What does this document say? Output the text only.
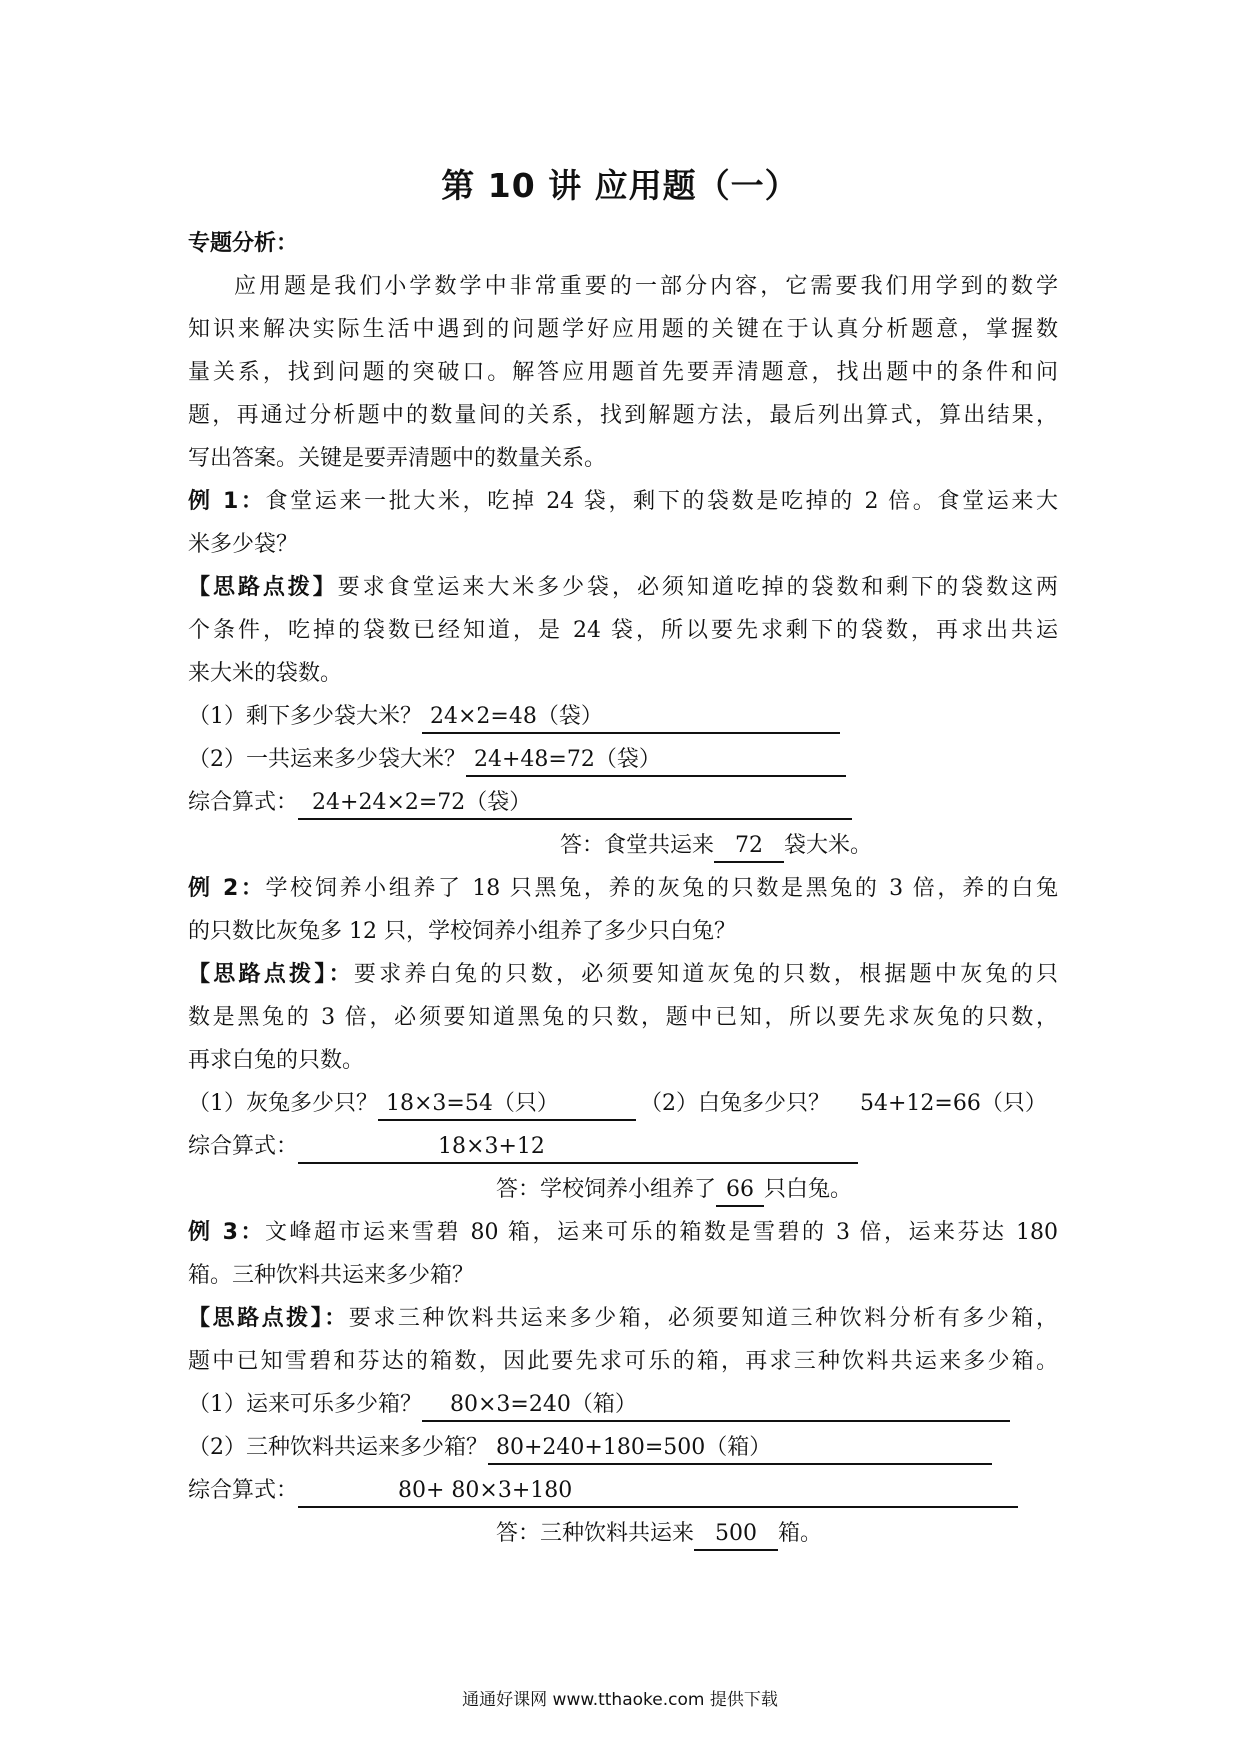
第 10 讲 应用题（一）
专题分析：
应用题是我们小学数学中非常重要的一部分内容，它需要我们用学到的数学
知识来解决实际生活中遇到的问题学好应用题的关键在于认真分析题意，掌握数
量关系，找到问题的突破口。解答应用题首先要弄清题意，找出题中的条件和问
题，再通过分析题中的数量间的关系，找到解题方法，最后列出算式，算出结果，
写出答案。关键是要弄清题中的数量关系。
例 1：食堂运来一批大米，吃掉 24 袋，剩下的袋数是吃掉的 2 倍。食堂运来大
米多少袋？
【思路点拨】要求食堂运来大米多少袋，必须知道吃掉的袋数和剩下的袋数这两
个条件，吃掉的袋数已经知道，是 24 袋，所以要先求剩下的袋数，再求出共运
来大米的袋数。
（1）剩下多少袋大米？ 24×2=48（袋）
（2）一共运来多少袋大米？ 24+48=72（袋）
综合算式： 24+24×2=72（袋）
答：食堂共运来 72 袋大米。
例 2：学校饲养小组养了 18 只黑兔，养的灰兔的只数是黑兔的 3 倍，养的白兔
的只数比灰兔多 12 只，学校饲养小组养了多少只白兔？
【思路点拨】：要求养白兔的只数，必须要知道灰兔的只数，根据题中灰兔的只
数是黑兔的 3 倍，必须要知道黑兔的只数，题中已知，所以要先求灰兔的只数，
再求白兔的只数。
（1）灰兔多少只？ 18×3=54（只）	（2）白兔多少只？ 54+12=66（只）
综合算式：	18×3+12
答：学校饲养小组养了 66 只白兔。
例 3：文峰超市运来雪碧 80 箱，运来可乐的箱数是雪碧的 3 倍，运来芬达 180
箱。三种饮料共运来多少箱？
【思路点拨】：要求三种饮料共运来多少箱，必须要知道三种饮料分析有多少箱，
题中已知雪碧和芬达的箱数，因此要先求可乐的箱，再求三种饮料共运来多少箱。
（1）运来可乐多少箱？ 80×3=240（箱）
（2）三种饮料共运来多少箱？ 80+240+180=500（箱）
综合算式：	80+ 80×3+180
答：三种饮料共运来 500 箱。
通通好课网 www.tthaoke.com 提供下载
